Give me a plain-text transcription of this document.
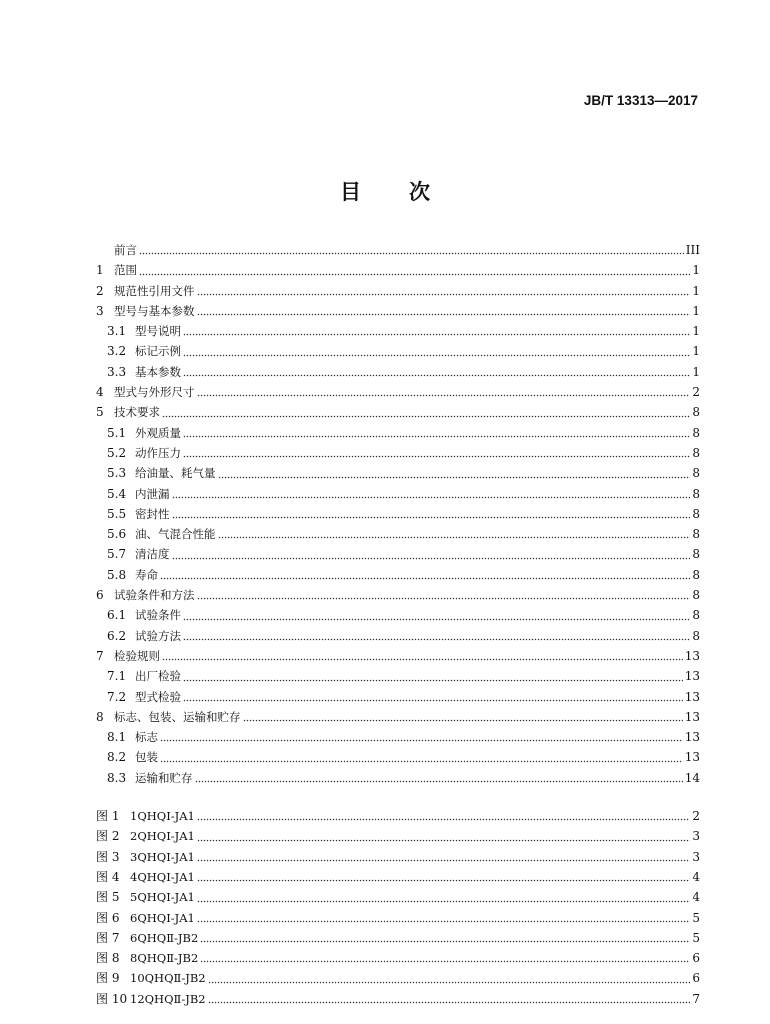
JB/T 13313—2017
目次
前言	III
1 范围	1
2 规范性引用文件	1
3 型号与基本参数	1
3.1 型号说明	1
3.2 标记示例	1
3.3 基本参数	1
4 型式与外形尺寸	2
5 技术要求	8
5.1 外观质量	8
5.2 动作压力	8
5.3 给油量、耗气量	8
5.4 内泄漏	8
5.5 密封性	8
5.6 油、气混合性能	8
5.7 清洁度	8
5.8 寿命	8
6 试验条件和方法	8
6.1 试验条件	8
6.2 试验方法	8
7 检验规则	13
7.1 出厂检验	13
7.2 型式检验	13
8 标志、包装、运输和贮存	13
8.1 标志	13
8.2 包装	13
8.3 运输和贮存	14
图 1 1QHQⅠ-JA1	2
图 2 2QHQⅠ-JA1	3
图 3 3QHQⅠ-JA1	3
图 4 4QHQⅠ-JA1	4
图 5 5QHQⅠ-JA1	4
图 6 6QHQⅠ-JA1	5
图 7 6QHQⅡ-JB2	5
图 8 8QHQⅡ-JB2	6
图 9 10QHQⅡ-JB2	6
图 10 12QHQⅡ-JB2	7
